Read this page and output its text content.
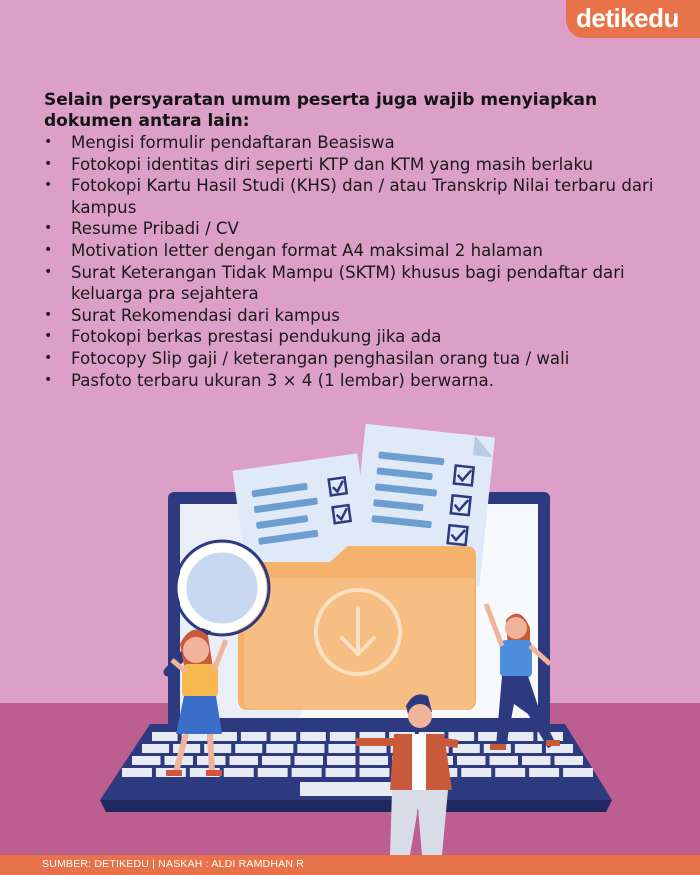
detikedu

Selain persyaratan umum peserta juga wajib menyiapkan dokumen antara lain:

• Mengisi formulir pendaftaran Beasiswa
• Fotokopi identitas diri seperti KTP dan KTM yang masih berlaku
• Fotokopi Kartu Hasil Studi (KHS) dan / atau Transkrip Nilai terbaru dari kampus
• Resume Pribadi / CV
• Motivation letter dengan format A4 maksimal 2 halaman
• Surat Keterangan Tidak Mampu (SKTM) khusus bagi pendaftar dari keluarga pra sejahtera
• Surat Rekomendasi dari kampus
• Fotokopi berkas prestasi pendukung jika ada
• Fotocopy Slip gaji / keterangan penghasilan orang tua / wali
• Pasfoto terbaru ukuran 3 × 4 (1 lembar) berwarna.
SUMBER: DETIKEDU | NASKAH : ALDI RAMDHAN R
